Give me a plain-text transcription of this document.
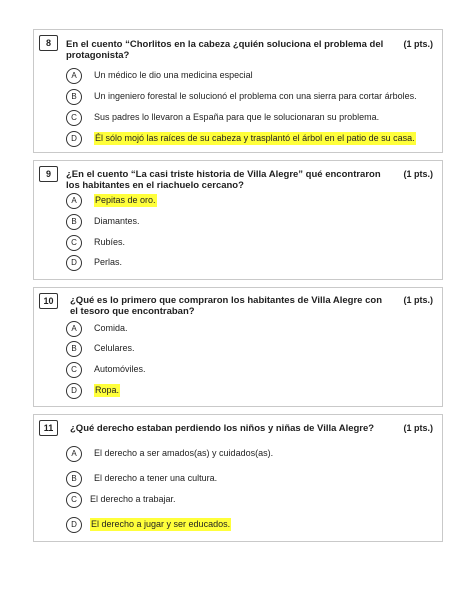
8	En el cuento “Chorlitos en la cabeza ¿quién soluciona el problema del protagonista?
(1 pts.)
A	Un médico le dio una medicina especial
B	Un ingeniero forestal le solucionó el problema con una sierra para cortar árboles.
C	Sus padres lo llevaron a España para que le solucionaran su problema.
D	Él sólo mojó las raíces de su cabeza y trasplantó el árbol en el patio de su casa.
9	¿En el cuento “La casi triste historia de Villa Alegre” qué encontraron los habitantes en el riachuelo cercano?
(1 pts.)
A	Pepitas de oro.
B	Diamantes.
C	Rubíes.
D	Perlas.
10	¿Qué es lo primero que compraron los habitantes de Villa Alegre con el tesoro que encontraban?
(1 pts.)
A	Comida.
B	Celulares.
C	Automóviles.
D	Ropa.
11	¿Qué derecho estaban perdiendo los niños y niñas de Villa Alegre?	(1 pts.)
A	El derecho a ser amados(as) y cuidados(as).
B	El derecho a tener una cultura.
C	El derecho a trabajar.
D	El derecho a jugar y ser educados.
